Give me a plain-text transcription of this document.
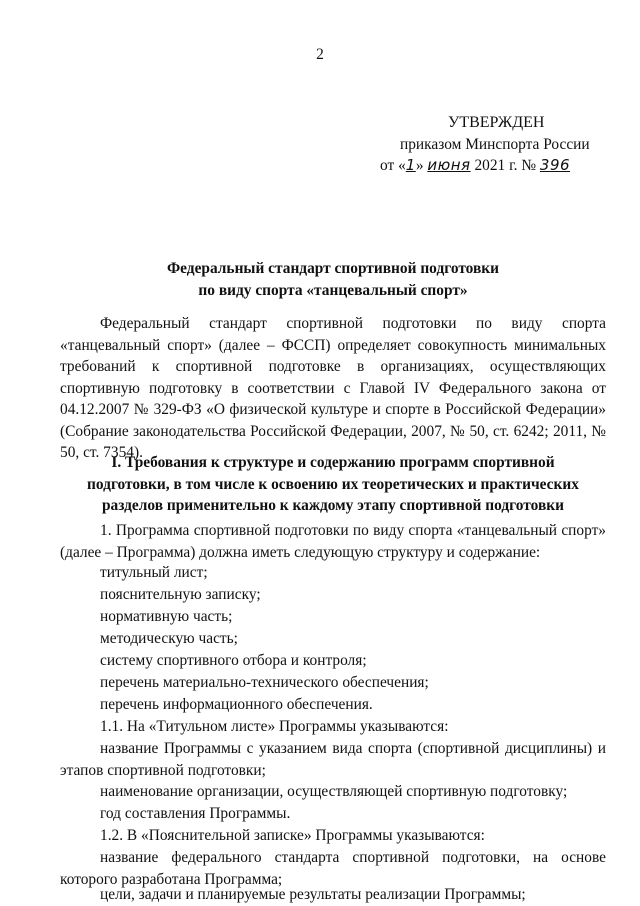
2
УТВЕРЖДЕН
приказом Минспорта России
от «1» июня 2021 г. № 396
Федеральный стандарт спортивной подготовки
по виду спорта «танцевальный спорт»
Федеральный стандарт спортивной подготовки по виду спорта «танцевальный спорт» (далее – ФССП) определяет совокупность минимальных требований к спортивной подготовке в организациях, осуществляющих спортивную подготовку в соответствии с Главой IV Федерального закона от 04.12.2007 № 329-ФЗ «О физической культуре и спорте в Российской Федерации» (Собрание законодательства Российской Федерации, 2007, № 50, ст. 6242; 2011, № 50, ст. 7354).
I. Требования к структуре и содержанию программ спортивной
подготовки, в том числе к освоению их теоретических и практических
разделов применительно к каждому этапу спортивной подготовки
1. Программа спортивной подготовки по виду спорта «танцевальный спорт» (далее – Программа) должна иметь следующую структуру и содержание:
титульный лист;
пояснительную записку;
нормативную часть;
методическую часть;
систему спортивного отбора и контроля;
перечень материально-технического обеспечения;
перечень информационного обеспечения.
1.1. На «Титульном листе» Программы указываются:
название Программы с указанием вида спорта (спортивной дисциплины) и этапов спортивной подготовки;
наименование организации, осуществляющей спортивную подготовку;
год составления Программы.
1.2. В «Пояснительной записке» Программы указываются:
название федерального стандарта спортивной подготовки, на основе которого разработана Программа;
цели, задачи и планируемые результаты реализации Программы;
